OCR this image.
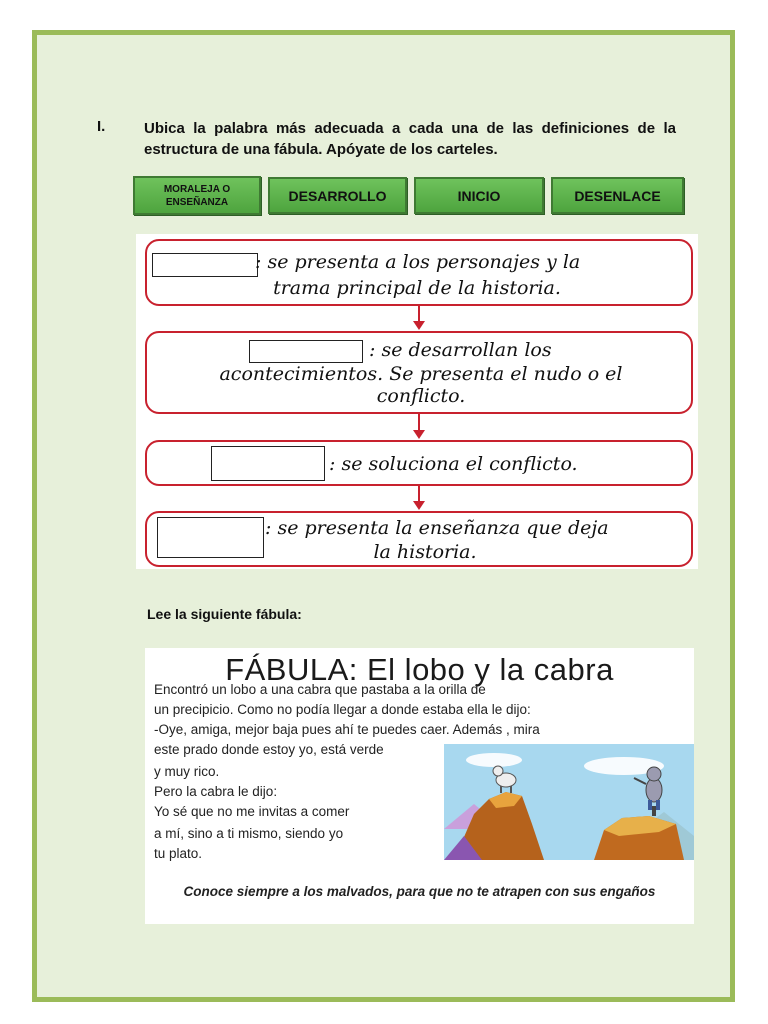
I.	Ubica la palabra más adecuada a cada una de las definiciones de la estructura de una fábula. Apóyate de los carteles.
MORALEJA O ENSEÑANZA	DESARROLLO	INICIO	DESENLACE
: se presenta a los personajes y la
trama principal de la historia.
: se desarrollan los
acontecimientos. Se presenta el nudo o el
conflicto.
: se soluciona el conflicto.
: se presenta la enseñanza que deja
la historia.
Lee la siguiente fábula:
FÁBULA: El lobo y la cabra
Encontró un lobo a una cabra que pastaba a la orilla de
un precipicio. Como no podía llegar a donde estaba ella le dijo:
-Oye, amiga, mejor baja pues ahí te puedes caer. Además , mira
este prado donde estoy yo, está verde
y muy rico.
Pero la cabra le dijo:
Yo sé que no me invitas a comer
a mí, sino a ti mismo, siendo yo
tu plato.
Conoce siempre a los malvados, para que no te atrapen con sus engaños
